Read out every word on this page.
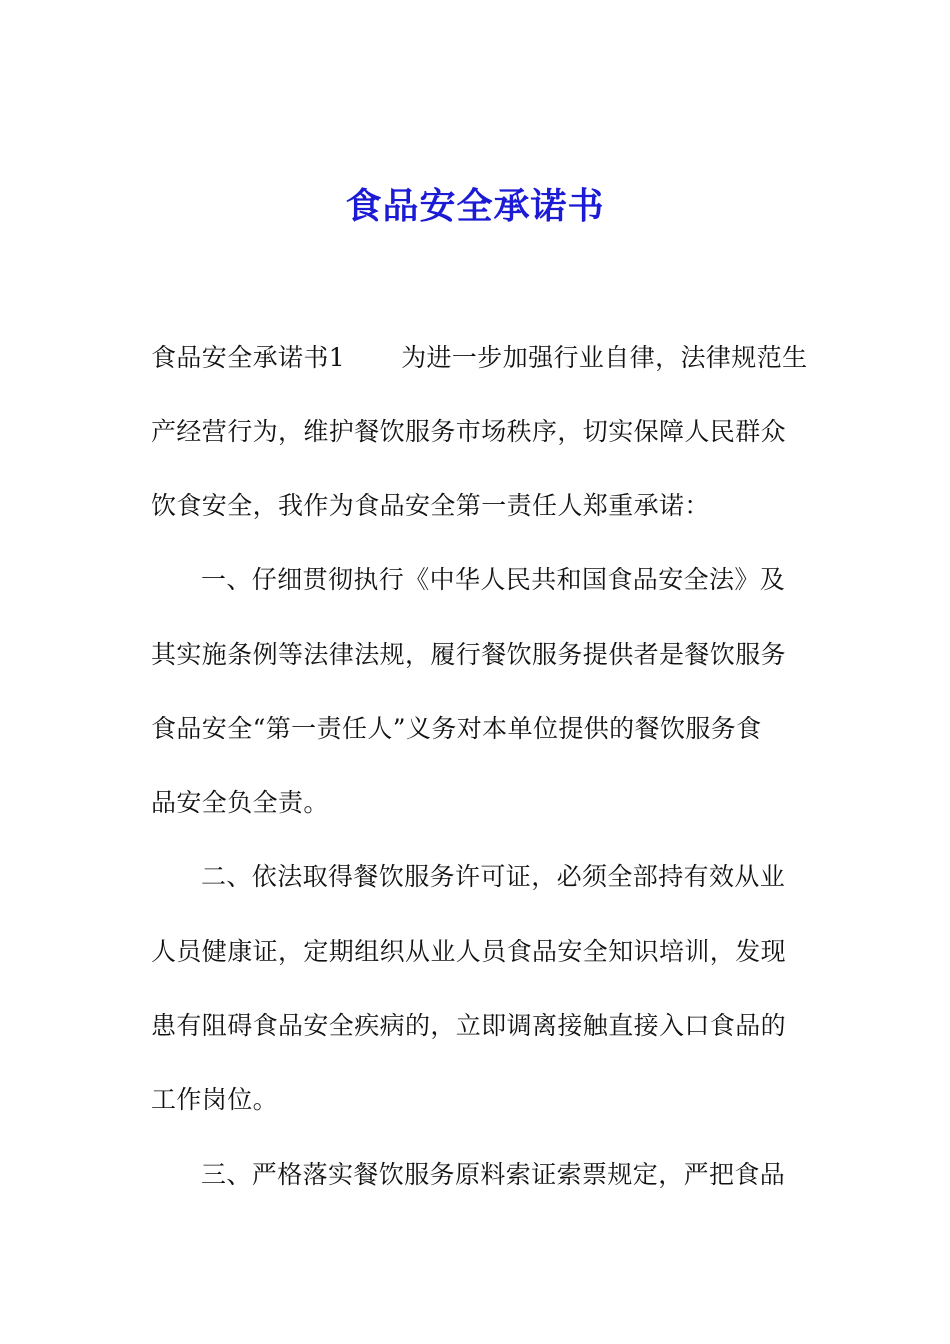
食品安全承诺书
食品安全承诺书1 为进一步加强行业自律，法律规范生
产经营行为，维护餐饮服务市场秩序，切实保障人民群众
饮食安全，我作为食品安全第一责任人郑重承诺：
一、仔细贯彻执行《中华人民共和国食品安全法》及
其实施条例等法律法规，履行餐饮服务提供者是餐饮服务
食品安全“第一责任人”义务对本单位提供的餐饮服务食
品安全负全责。
二、依法取得餐饮服务许可证，必须全部持有效从业
人员健康证，定期组织从业人员食品安全知识培训，发现
患有阻碍食品安全疾病的，立即调离接触直接入口食品的
工作岗位。
三、严格落实餐饮服务原料索证索票规定，严把食品
